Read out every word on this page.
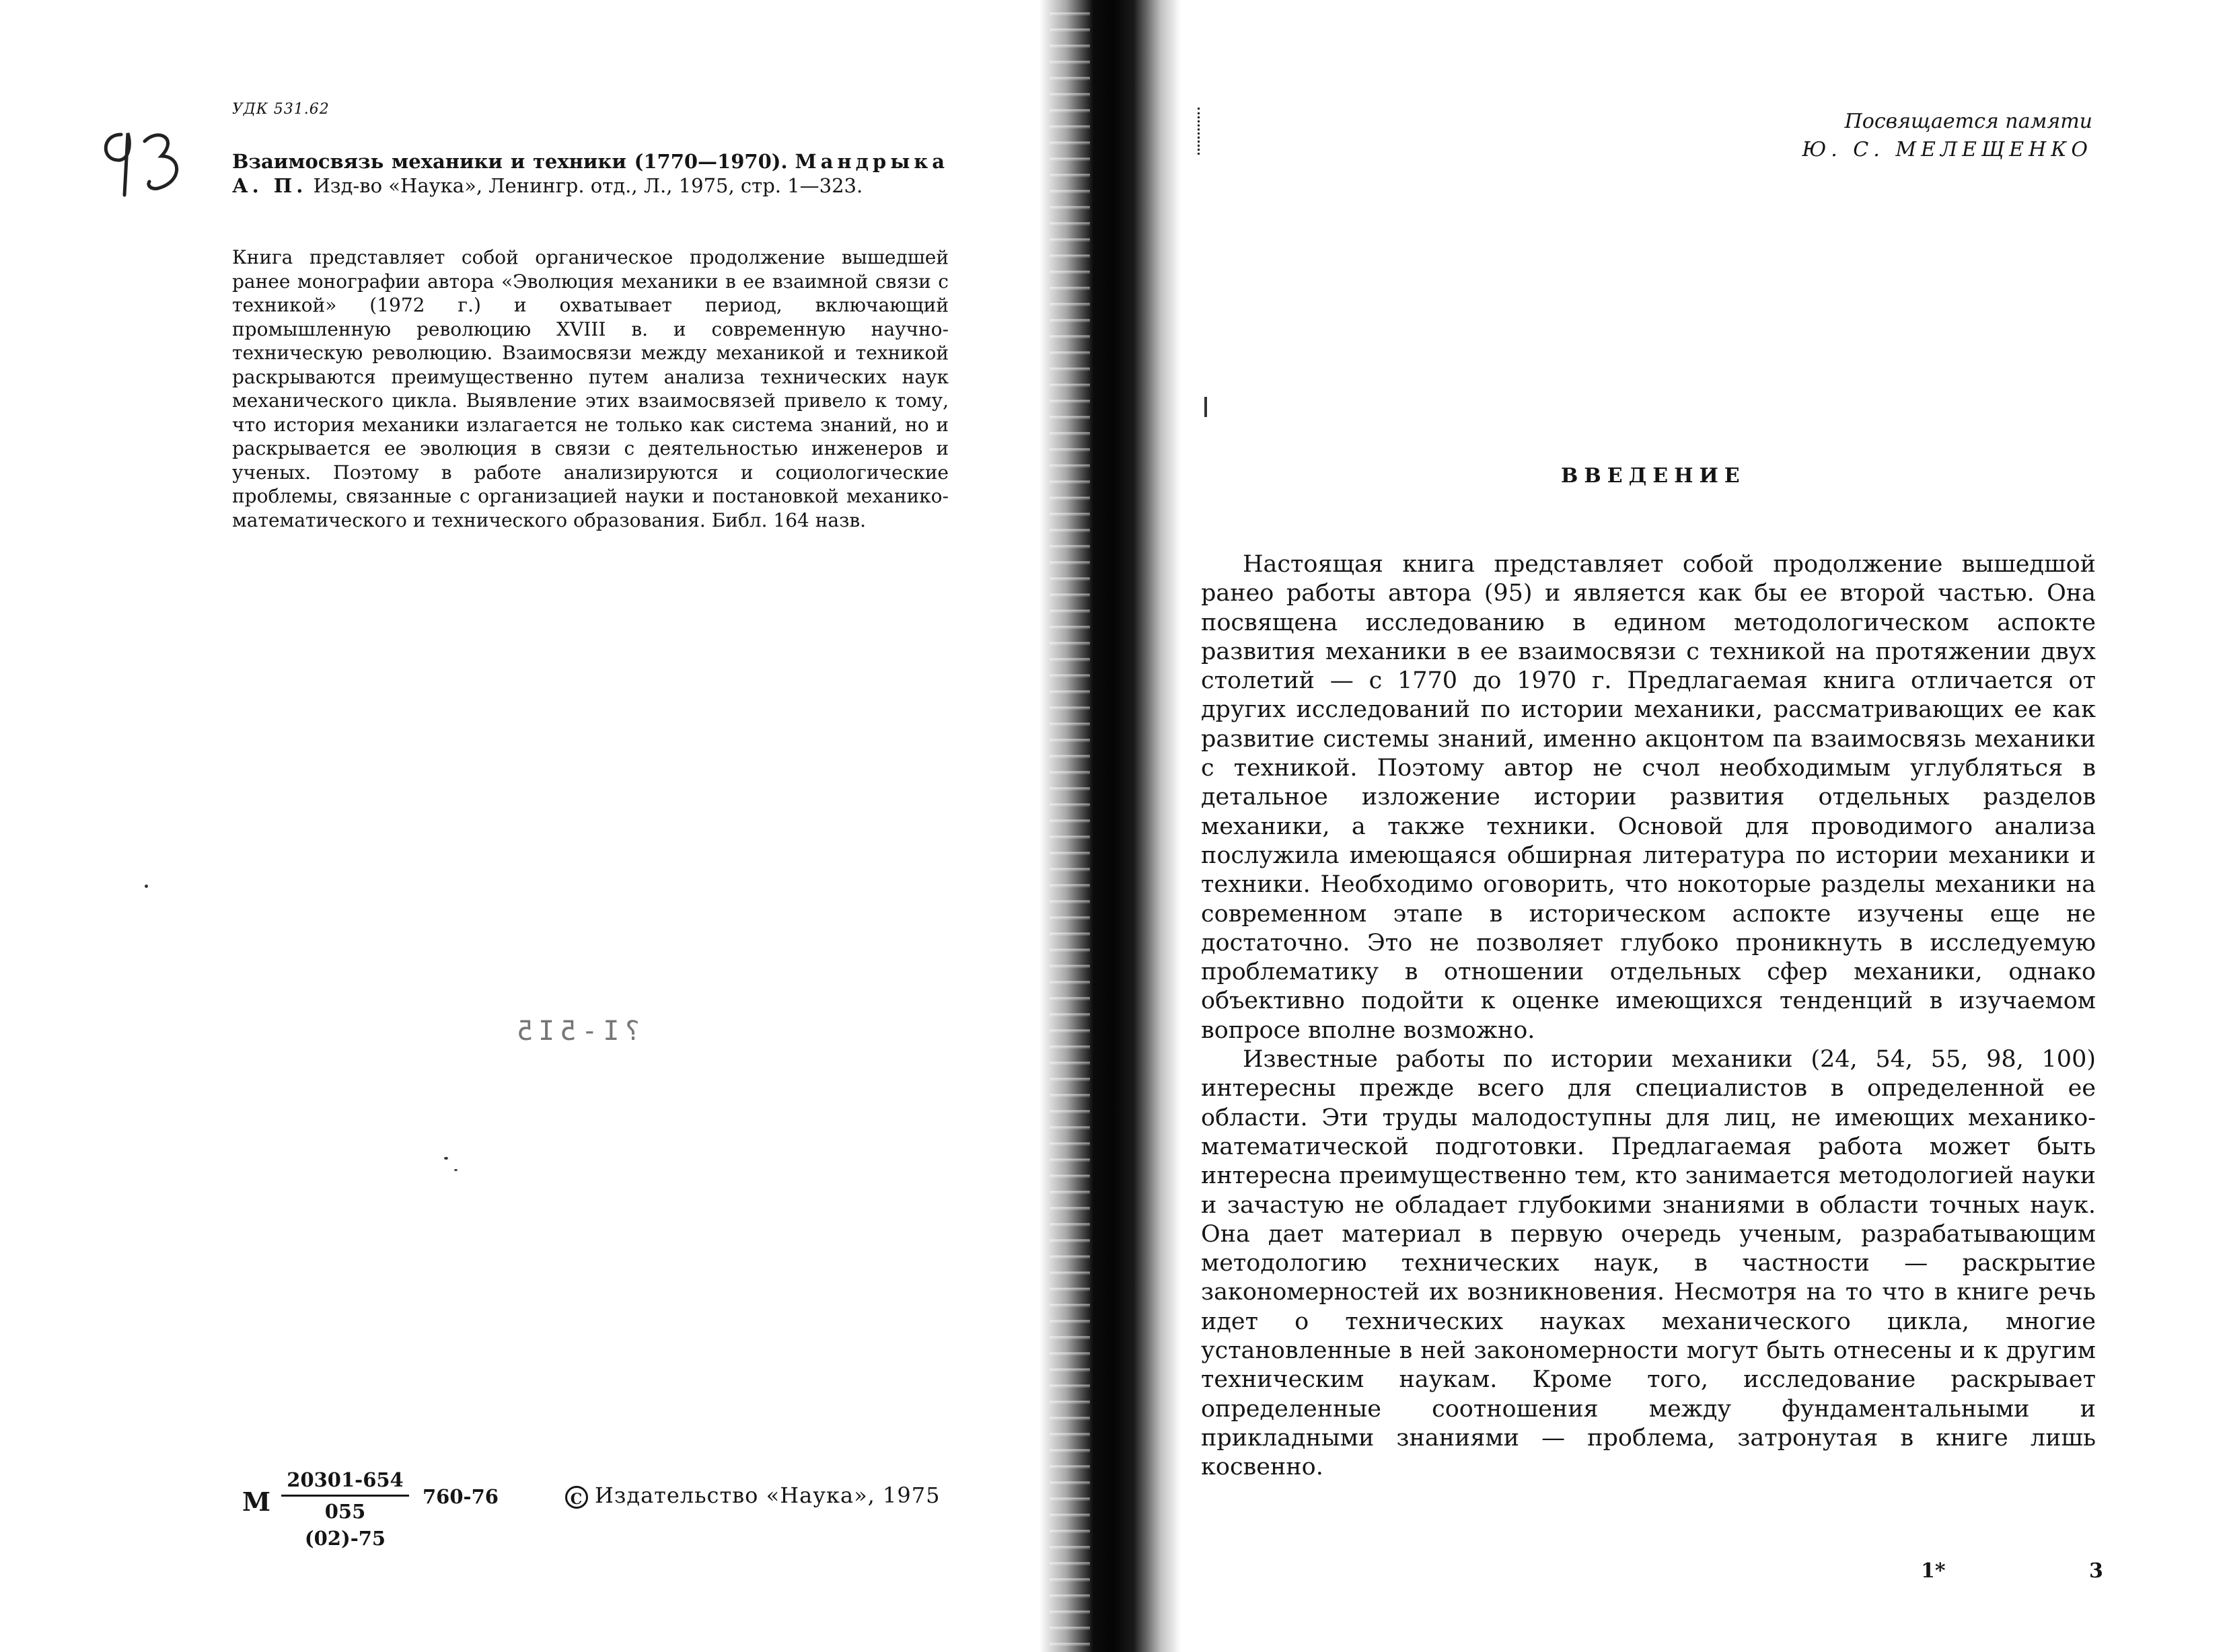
УДК 531.62
Взаимосвязь механики и техники (1770—1970). Мандрыка А. П. Изд-во «Наука», Ленингр. отд., Л., 1975, стр. 1—323.
Книга представляет собой органическое продолжение вышедшей ранее монографии автора «Эволюция механики в ее взаимной связи с техникой» (1972 г.) и охватывает период, включающий промышленную революцию XVIII в. и современную научно-техническую революцию. Взаимосвязи между механикой и техникой раскрываются преимущественно путем анализа технических наук механического цикла. Выявление этих взаимосвязей привело к тому, что история механики излагается не только как система знаний, но и раскрывается ее эволюция в связи с деятельностью инженеров и ученых. Поэтому в работе анализируются и социологические проблемы, связанные с организацией науки и постановкой механико-математического и технического образования. Библ. 164 назв.
?I-5I5
М
20301-654
055 (02)-75
760-76	С Издательство «Наука», 1975
Посвящается памяти
Ю. С. МЕЛЕЩЕНКО
ВВЕДЕНИЕ

Настоящая книга представляет собой продолжение вышедшой ранео работы автора (95) и является как бы ее второй частью. Она посвящена исследованию в едином методологическом аспокте развития механики в ее взаимосвязи с техникой на протяжении двух столетий — с 1770 до 1970 г. Предлагаемая книга отличается от других исследований по истории механики, рассматривающих ее как развитие системы знаний, именно акцонтом па взаимосвязь механики с техникой. Поэтому автор не счол необходимым углубляться в детальное изложение истории развития отдельных разделов механики, а также техники. Основой для проводимого анализа послужила имеющаяся обширная литература по истории механики и техники. Необходимо оговорить, что нокоторые разделы механики на современном этапе в историческом аспокте изучены еще не достаточно. Это не позволяет глубоко проникнуть в исследуемую проблематику в отношении отдельных сфер механики, однако объективно подойти к оценке имеющихся тенденций в изучаемом вопросе вполне возможно.

Известные работы по истории механики (24, 54, 55, 98, 100) интересны прежде всего для специалистов в определенной ее области. Эти труды малодоступны для лиц, не имеющих механико-математической подготовки. Предлагаемая работа может быть интересна преимущественно тем, кто занимается методологией науки и зачастую не обладает глубокими знаниями в области точных наук. Она дает материал в первую очередь ученым, разрабатывающим методологию технических наук, в частности — раскрытие закономерностей их возникновения. Несмотря на то что в книге речь идет о технических науках механического цикла, многие установленные в ней закономерности могут быть отнесены и к другим техническим наукам. Кроме того, исследование раскрывает определенные соотношения между фундаментальными и прикладными знаниями — проблема, затронутая в книге лишь косвенно.

1*	3
